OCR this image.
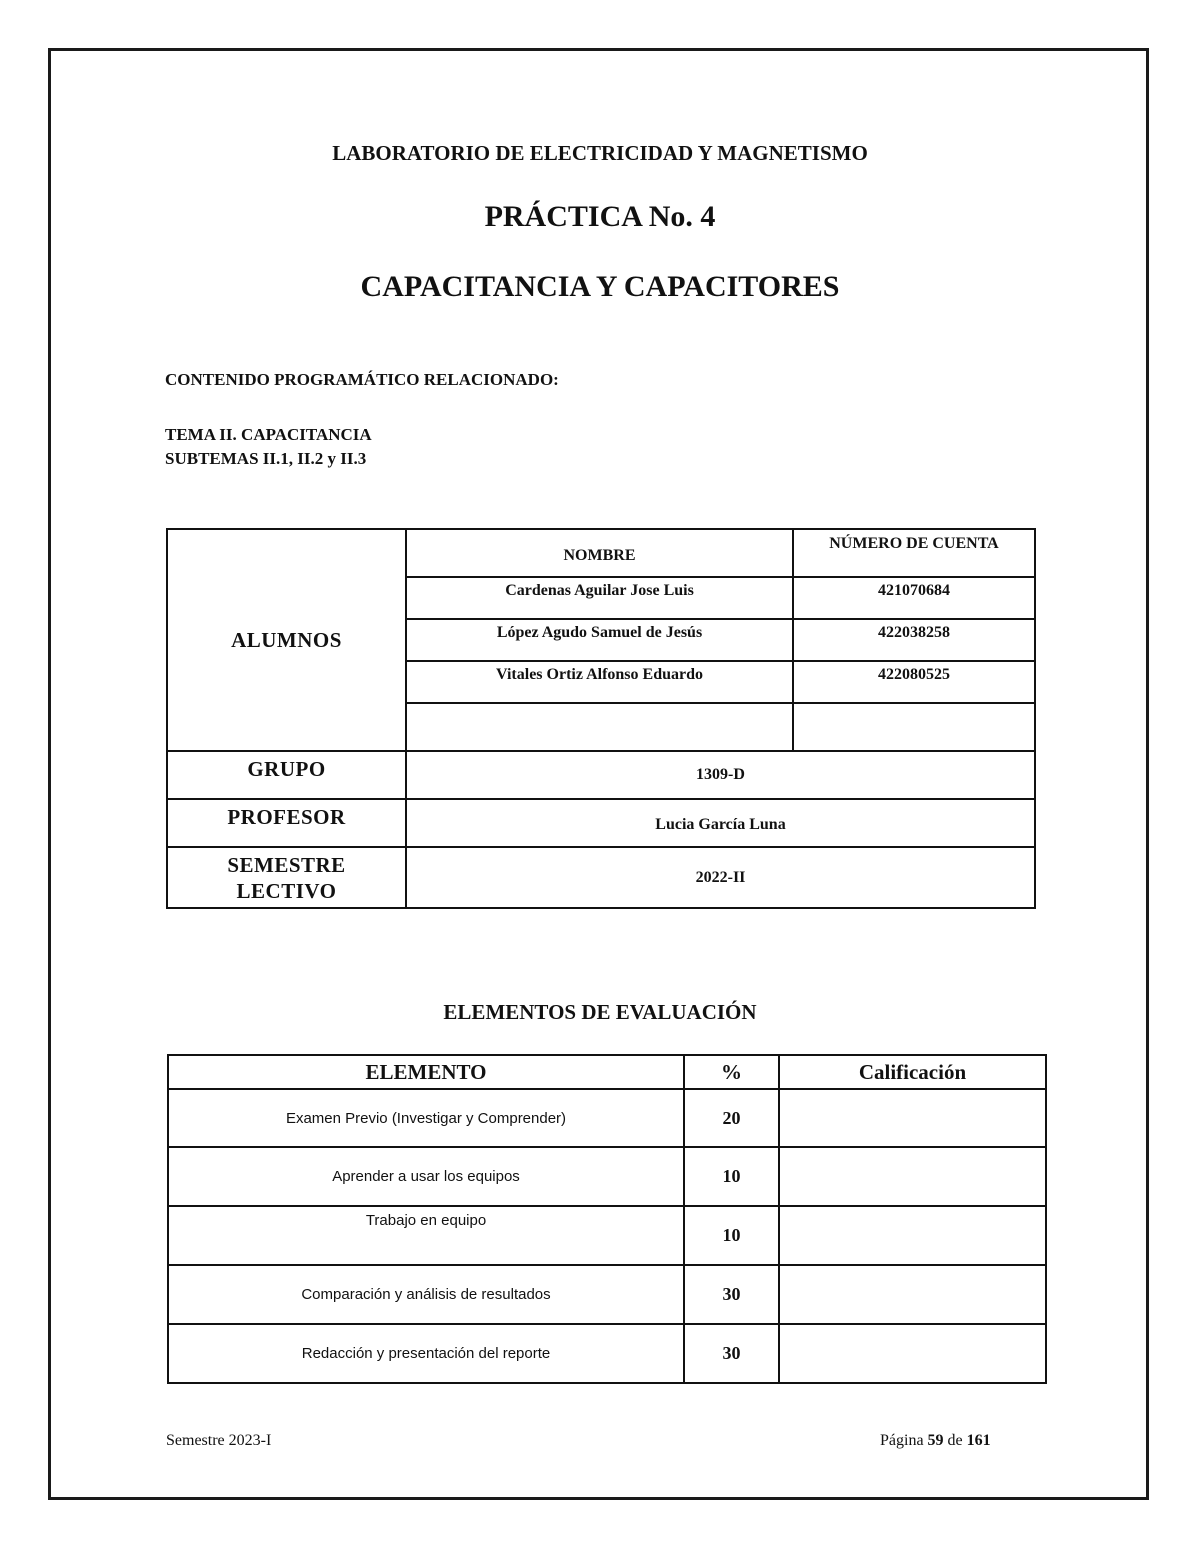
LABORATORIO DE ELECTRICIDAD Y MAGNETISMO
PRÁCTICA No. 4
CAPACITANCIA Y CAPACITORES
CONTENIDO PROGRAMÁTICO RELACIONADO:
TEMA II. CAPACITANCIA
SUBTEMAS II.1, II.2 y II.3
ALUMNOS	NOMBRE	NÚMERO DE CUENTA
	Cardenas Aguilar Jose Luis	421070684
	López Agudo Samuel de Jesús	422038258
	Vitales Ortiz Alfonso Eduardo	422080525

GRUPO	1309-D	
PROFESOR	Lucia García Luna	

SEMESTRE
LECTIVO	2022-II	
ELEMENTOS DE EVALUACIÓN
ELEMENTO	%	Calificación
Examen Previo (Investigar y Comprender)	20	
Aprender a usar los equipos	10	
Trabajo en equipo	10	
Comparación y análisis de resultados	30	
Redacción y presentación del reporte	30	
Semestre 2023-I	Página 59 de 161
